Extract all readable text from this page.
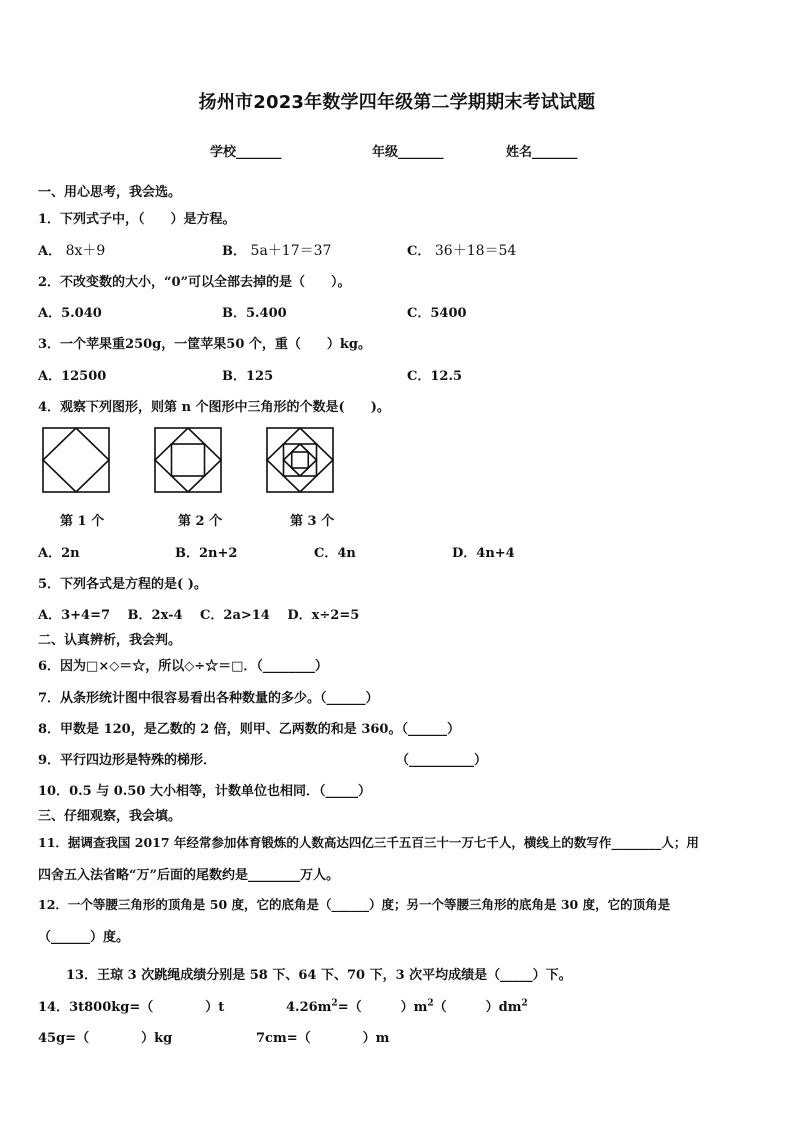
扬州市2023年数学四年级第二学期期末考试试题
学校_______	年级_______	姓名_______
一、用心思考，我会选。
1．下列式子中，（　　）是方程。
A． 8x＋9	B． 5a＋17＝37	C． 36＋18＝54
2．不改变数的大小，“0”可以全部去掉的是（　　）。
A．5.040	B．5.400	C．5400
3．一个苹果重250g，一筐苹果50 个，重（　　）kg。
A．12500	B．125	C．12.5
4．观察下列图形，则第 n 个图形中三角形的个数是(　　)。
第 1 个	第 2 个	第 3 个
A．2n	B．2n+2	C．4n	D．4n+4
5．下列各式是方程的是( )。
A．3+4=7　 B．2x-4　 C．2a>14　 D．x÷2=5
二、认真辨析，我会判。
6．因为□×◇＝☆，所以◇÷☆＝□．（________）
7．从条形统计图中很容易看出各种数量的多少。（______）
8．甲数是 120，是乙数的 2 倍，则甲、乙两数的和是 360。（______）
9．平行四边形是特殊的梯形．	（__________）
10．0.5 与 0.50 大小相等，计数单位也相同．（_____）
三、仔细观察，我会填。
11．据调查我国 2017 年经常参加体育锻炼的人数高达四亿三千五百三十一万七千人，横线上的数写作________人；用
四舍五入法省略“万”后面的尾数约是________万人。
12．一个等腰三角形的顶角是 50 度，它的底角是（______）度；另一个等腰三角形的底角是 30 度，它的顶角是
（______）度。
13．王琼 3 次跳绳成绩分别是 58 下、64 下、70 下，3 次平均成绩是（_____）下。
14．3t800kg=（　　　　）t	$4.26m^2=$（　　　）$m^2$（　　　）$dm^2$
45g=（　　　　）kg	7cm=（　　　　）m
